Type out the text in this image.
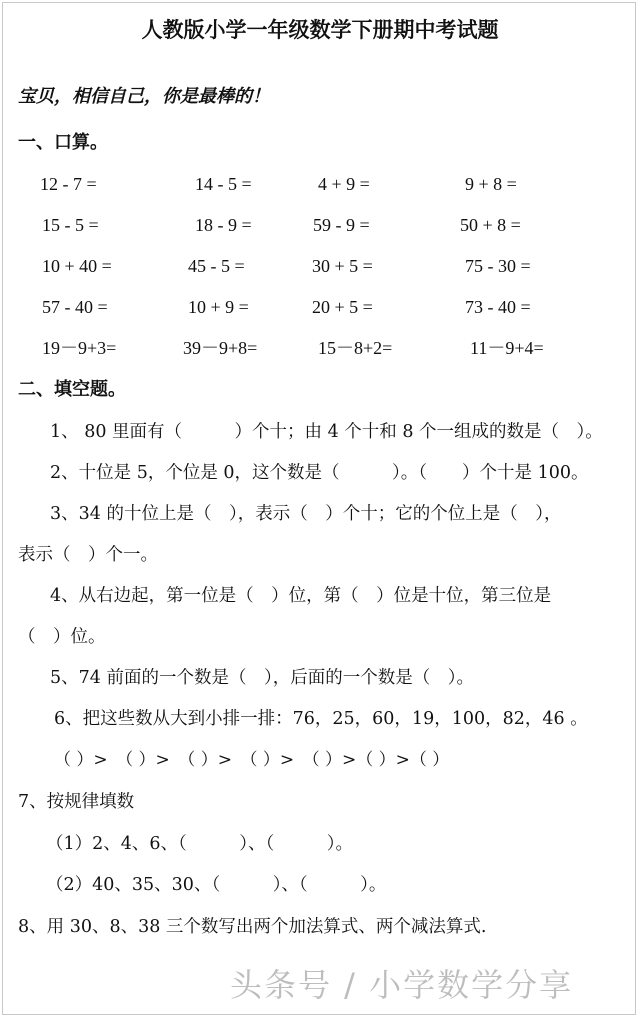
人教版小学一年级数学下册期中考试题
宝贝，相信自己，你是最棒的！
一、口算。
12 - 7 =	14 - 5 =	4 + 9 =	9 + 8 =
15 - 5 =	18 - 9 =	59 - 9 =	50 + 8 =
10 + 40 =	45 - 5 =	30 + 5 =	75 - 30 =
57 - 40 =	10 + 9 =	20 + 5 =	73 - 40 =
19－9+3=	39－9+8=	15－8+2=	11－9+4=
二、填空题。
1、 80 里面有（　　　）个十；由 4 个十和 8 个一组成的数是（　）。
2、十位是 5，个位是 0，这个数是（　　　）。（　　）个十是 100。
3、34 的十位上是（　），表示（　）个十；它的个位上是（　），
表示（　）个一。
4、从右边起，第一位是（　）位，第（　）位是十位，第三位是
（　）位。
5、74 前面的一个数是（　），后面的一个数是（　）。
6、把这些数从大到小排一排：76，25，60，19，100，82，46 。
（ ）>　（ ）>　（ ）>　（ ）>　（ ）>（ ）>（ ）
7、按规律填数
（1）2、4、6、（　　　）、（　　　）。
（2）40、35、30、（　　　）、（　　　）。
8、用 30、8、38 三个数写出两个加法算式、两个减法算式.
头条号 / 小学数学分享
